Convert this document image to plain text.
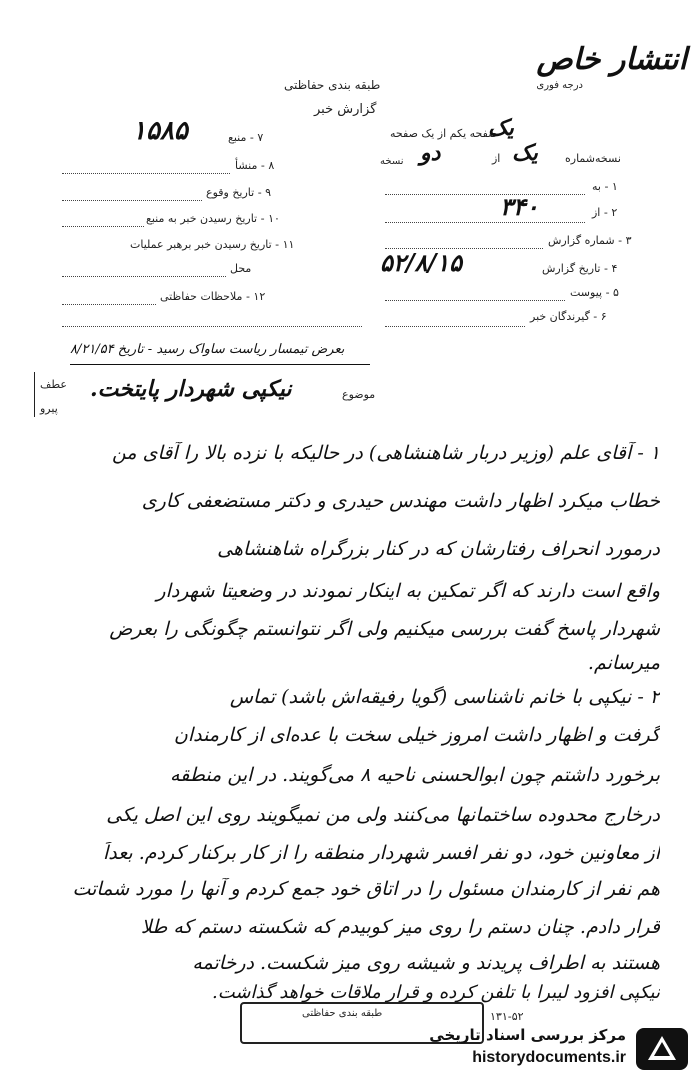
انتشار خاص
درجه فوری
طبقه بندی حفاظتی
گزارش خبر
صفحه یکم از یک صفحه
یک
نسخه‌شماره
یک
از
دو
نسخه
۱ - به
۲ - از
۳۴۰
۳ - شماره گزارش
۴ - تاریخ گزارش
۵۲/۸/۱۵
۵ - پیوست
۶ - گیرندگان خبر
۷ - منبع
۱۵۸۵
۸ - منشأ
۹ - تاریخ وقوع
۱۰ - تاریخ رسیدن خبر به منبع
۱۱ - تاریخ رسیدن خبر برهبر عملیات
محل
۱۲ - ملاحظات حفاظتی
بعرض تیمسار ریاست ساواک رسید - تاریخ ۸/۲۱/۵۴
موضوع
نیکپی شهردار پایتخت.
عطف
پیرو
۱ - آقای علم (وزیر دربار شاهنشاهی) در حالیکه با نزده بالا را آقای من
خطاب میکرد اظهار داشت مهندس حیدری و دکتر مستضعفی کاری
درمورد انحراف رفتارشان که در کنار بزرگراه شاهنشاهی
واقع است دارند که اگر تمکین به اینکار نمودند در وضعیتا شهردار
شهردار پاسخ گفت بررسی میکنیم ولی اگر نتوانستم چگونگی را بعرض
میرسانم.
۲ - نیکپی با خانم ناشناسی (گویا رفیقه‌اش باشد) تماس
گرفت و اظهار داشت امروز خیلی سخت با عده‌ای از کارمندان
برخورد داشتم چون ابوالحسنی ناحیه ۸ می‌گویند. در این منطقه
درخارج محدوده ساختمانها می‌کنند ولی من نمیگویند روی این اصل یکی
از معاونین خود، دو نفر افسر شهردار منطقه را از کار برکنار کردم. بعداً
هم نفر از کارمندان مسئول را در اتاق خود جمع کردم و آنها را مورد شماتت
قرار دادم. چنان دستم را روی میز کوبیدم که شکسته دستم که طلا
هستند به اطراف پریدند و شیشه روی میز شکست. درخاتمه
نیکپی افزود لیبرا با تلفن کرده و قرار ملاقات خواهد گذاشت.
طبقه بندی حفاظتی	۱۳۱-۵۲
مرکز بررسی اسناد تاریخی
historydocuments.ir
